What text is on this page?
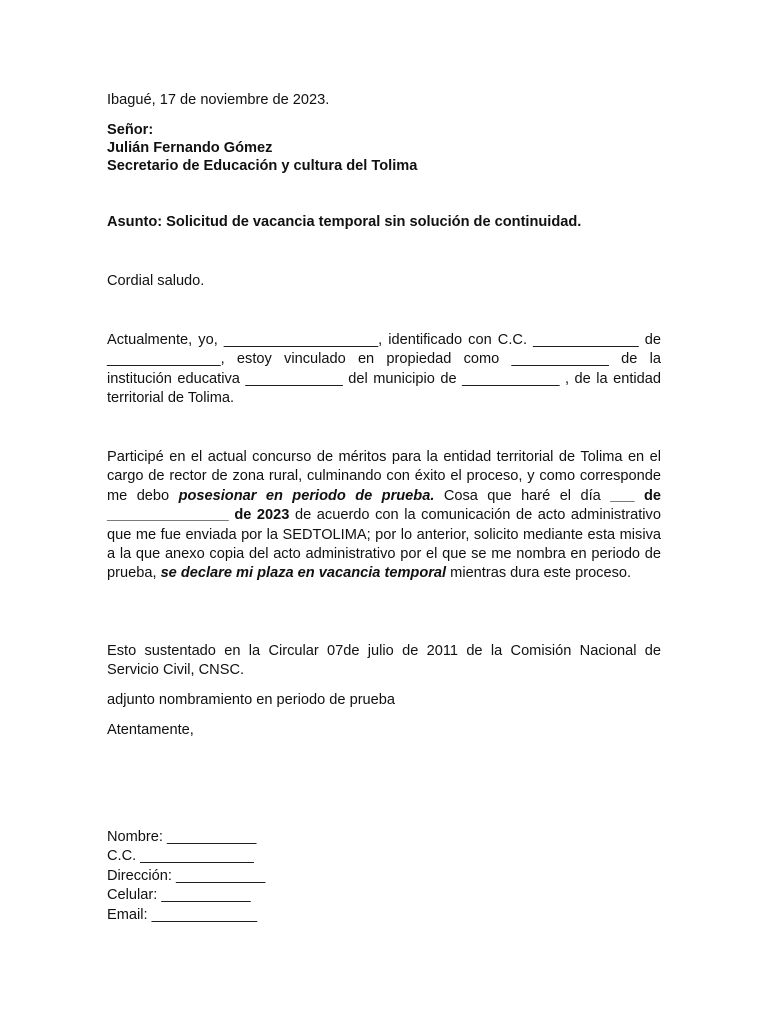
Ibagué, 17 de noviembre de 2023.
Señor:
Julián Fernando Gómez
Secretario de Educación y cultura del Tolima
Asunto: Solicitud de vacancia temporal sin solución de continuidad.
Cordial saludo.
Actualmente, yo, ___________________, identificado con C.C. _____________ de ______________, estoy vinculado en propiedad como ____________ de la institución educativa ____________ del municipio de ____________ , de la entidad territorial de Tolima.
Participé en el actual concurso de méritos para la entidad territorial de Tolima en el cargo de rector de zona rural, culminando con éxito el proceso, y como corresponde me debo posesionar en periodo de prueba. Cosa que haré el día ___ de _______________ de 2023 de acuerdo con la comunicación de acto administrativo que me fue enviada por la SEDTOLIMA; por lo anterior, solicito mediante esta misiva a la que anexo copia del acto administrativo por el que se me nombra en periodo de prueba, se declare mi plaza en vacancia temporal mientras dura este proceso.
Esto sustentado en la Circular 07de julio de 2011 de la Comisión Nacional de Servicio Civil, CNSC.
adjunto nombramiento en periodo de prueba
Atentamente,
Nombre: ___________
C.C. ______________
Dirección: ___________
Celular: ___________
Email: _____________
